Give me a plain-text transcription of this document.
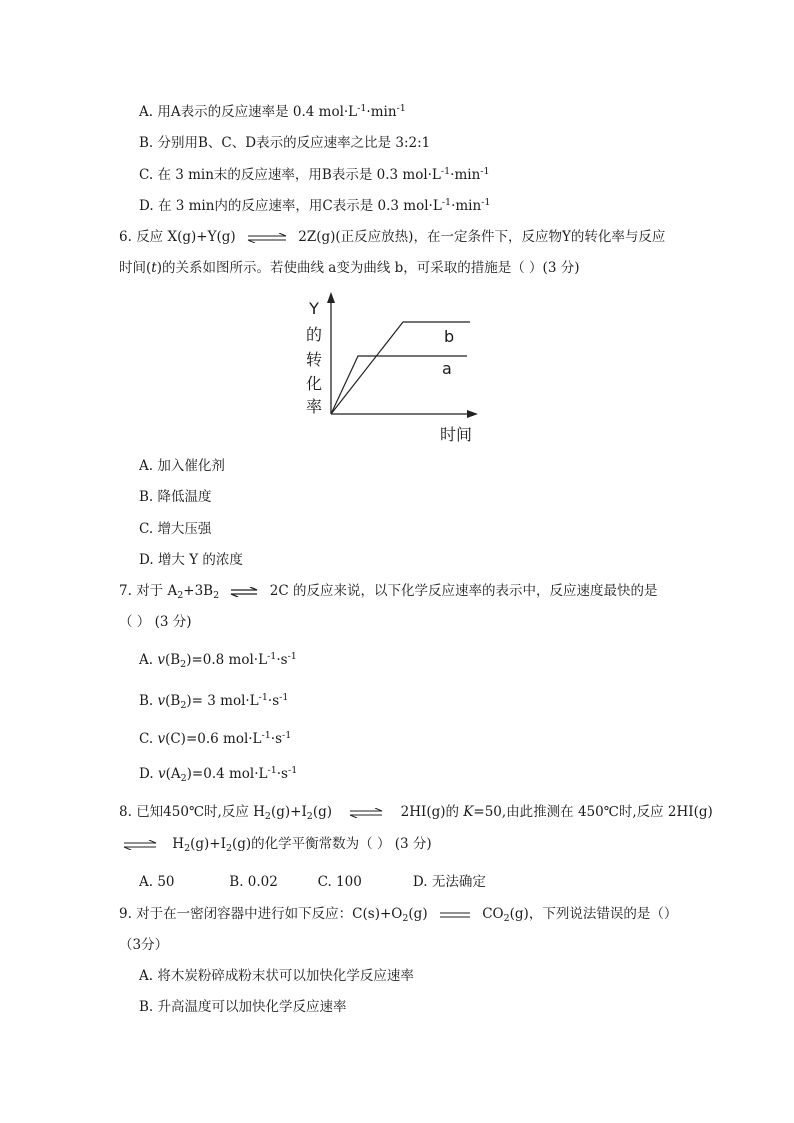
A. 用A表示的反应速率是 0.4 $mol\cdot L^{-1}\cdot\min^{-1}$
B. 分别用B、C、D表示的反应速率之比是 3:2:1
C. 在 3 min末的反应速率，用B表示是 0.3 $mol\cdot L^{-1}\cdot\min^{-1}$
D. 在 3 min内的反应速率，用C表示是 0.3 $mol\cdot L^{-1}\cdot\min^{-1}$
6. 反应 X(g)+Y(g) ⇌ 2Z(g)(正反应放热)，在一定条件下，反应物Y的转化率与反应
时间(t)的关系如图所示。若使曲线 a变为曲线 b，可采取的措施是（ ）(3 分)
Y
的
转
化
率
b
a
时间
A. 加入催化剂
B. 降低温度
C. 增大压强
D. 增大 Y 的浓度
7. 对于 $A_2+3B_2$ ⇌ 2C 的反应来说，以下化学反应速率的表示中，反应速度最快的是
（ ） (3 分)
A. $v(B_2)=0.8$ $mol\cdot L^{-1}\cdot s^{-1}$
B. $v(B_2)= 3$ $mol\cdot L^{-1}\cdot s^{-1}$
C. v(C)=0.6 $mol\cdot L^{-1}\cdot s^{-1}$
D. $v(A_2)=0.4$ $mol\cdot L^{-1}\cdot s^{-1}$
8. 已知450℃时,反应 $H_2(g)+I_2(g)$ ⇌ 2HI(g)的 K=50,由此推测在 450℃时,反应 2HI(g)
⇌ $H_2(g)+I_2(g)$的化学平衡常数为（ ） (3 分)
A. 50	B. 0.02	C. 100	D. 无法确定
9. 对于在一密闭容器中进行如下反应：$C(s)+O_2(g)$	$CO_2(g)$，下列说法错误的是（）
（3分）
A. 将木炭粉碎成粉末状可以加快化学反应速率
B. 升高温度可以加快化学反应速率
